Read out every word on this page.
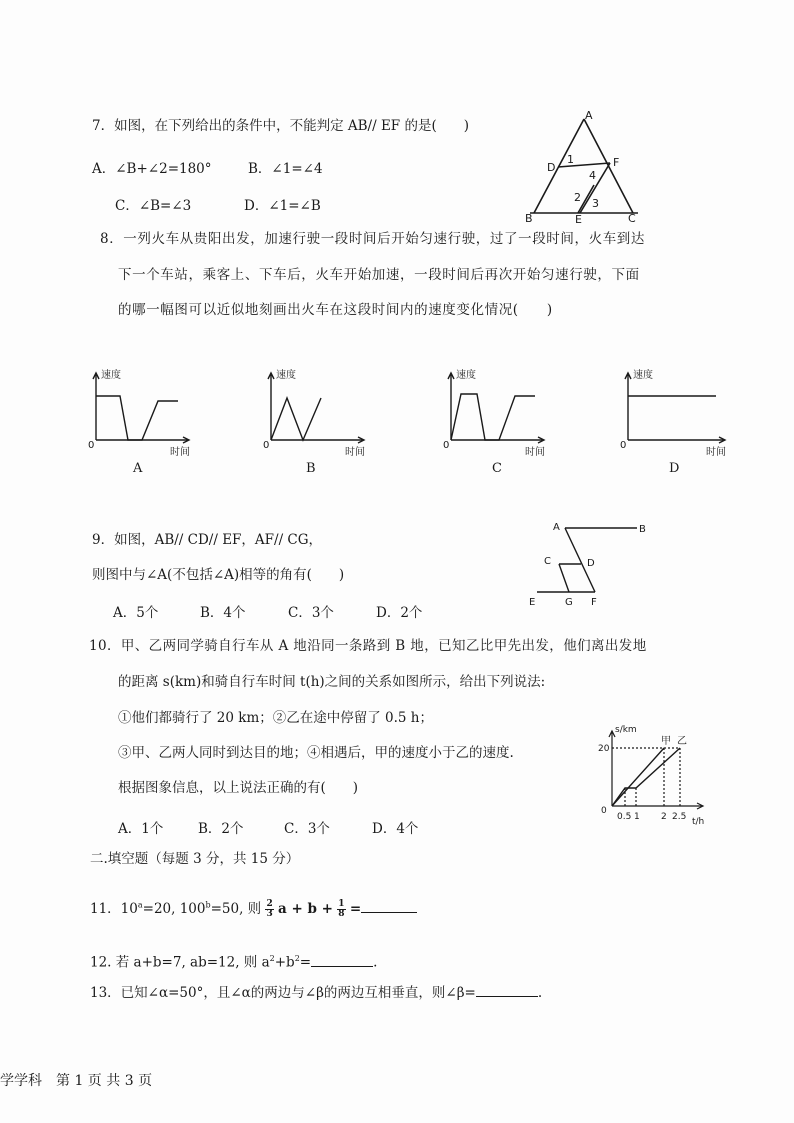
7．如图，在下列给出的条件中，不能判定 AB// EF 的是(　　)
A．∠B+∠2=180°	B．∠1=∠4
C．∠B=∠3	D．∠1=∠B
A
D	F
B	E	C
1
2 3
4
8．一列火车从贵阳出发，加速行驶一段时间后开始匀速行驶，过了一段时间，火车到达
下一个车站，乘客上、下车后，火车开始加速，一段时间后再次开始匀速行驶，下面
的哪一幅图可以近似地刻画出火车在这段时间内的速度变化情况(　　)
速度
0
时间
A
速度
0
时间
B
速度
0
时间
C
速度
0
时间
D
9．如图，AB// CD// EF，AF// CG，
则图中与∠A(不包括∠A)相等的角有(　　)
A．5个	B．4个	C．3个	D．2个
A	B
C	D
E	G F
10．甲、乙两同学骑自行车从 A 地沿同一条路到 B 地，已知乙比甲先出发，他们离出发地
的距离 s(km)和骑自行车时间 t(h)之间的关系如图所示，给出下列说法:
①他们都骑行了 20 km；②乙在途中停留了 0.5 h；
③甲、乙两人同时到达目的地；④相遇后，甲的速度小于乙的速度.
根据图象信息，以上说法正确的有(　　)
A．1个	B．2个	C．3个	D．4个
s/km
20
0
0.5 1 2 2.5 t/h
甲 乙
二.填空题（每题 3 分，共 15 分）
11．$10^a=20$, $100^b=50$, 则 $\frac{2}{3}$ $a + b + \frac{1}{8}$ =
12. 若 a+b=7, ab=12, 则 $a^2+b^2=$	.
13．已知∠α=50°，且∠α的两边与∠β的两边互相垂直，则∠β=	.
学学科　第 1 页 共 3 页
